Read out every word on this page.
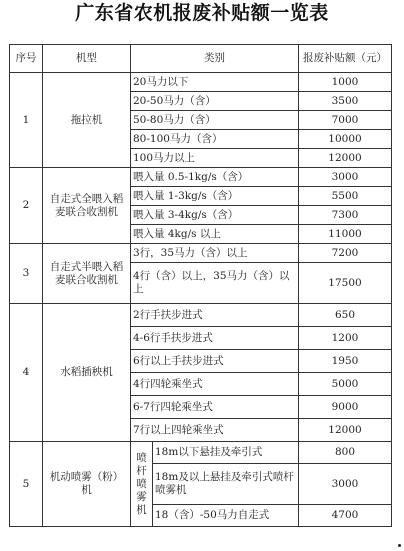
广东省农机报废补贴额一览表
序号	机型	类别		报废补贴额（元）
1	拖拉机	20马力以下		1000
		20-50马力（含）		3500
		50-80马力（含）		7000
		80-100马力（含）		10000
		100马力以上		12000
2	自走式全喂入稻麦联合收割机	喂入量 0.5-1kg/s（含）		3000
		喂入量 1-3kg/s（含）		5500
		喂入量 3-4kg/s（含）		7300
		喂入量 4kg/s 以上		11000
3	自走式半喂入稻麦联合收割机	3行，35马力（含）以上		7200
		4行（含）以上，35马力（含）以上		17500
4	水稻插秧机	2行手扶步进式		650
		4-6行手扶步进式		1200
		6行以上手扶步进式		1950
		4行四轮乘坐式		5000
		6-7行四轮乘坐式		9000
		7行以上四轮乘坐式		12000
5	机动喷雾（粉）机	喷杆喷雾机	18m以下悬挂及牵引式	800
			18m及以上悬挂及牵引式喷杆喷雾机	3000
			18（含）-50马力自走式	4700
